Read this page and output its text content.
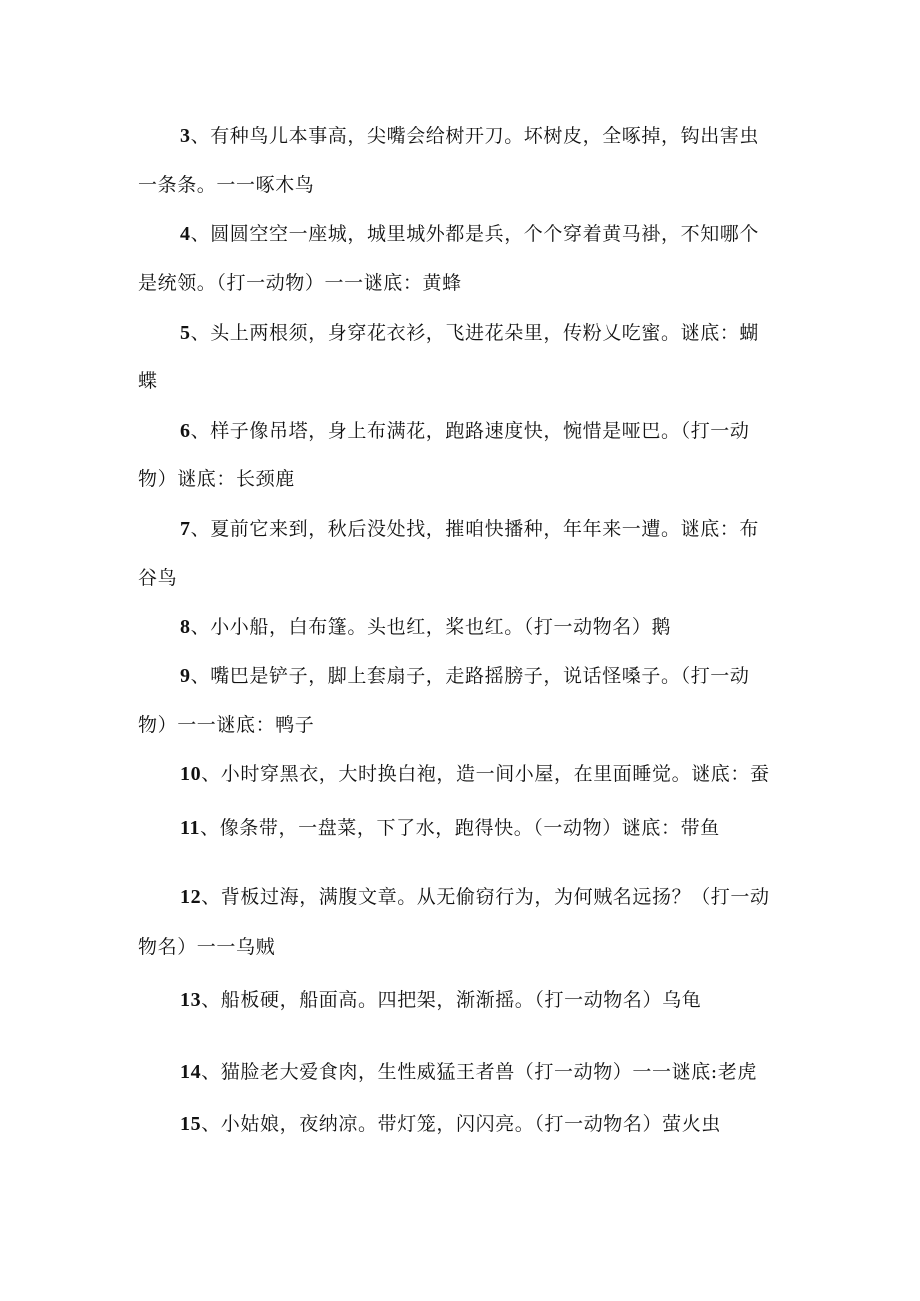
3、有种鸟儿本事高，尖嘴会给树开刀。坏树皮，全啄掉，钩出害虫
一条条。一一啄木鸟
4、圆圆空空一座城，城里城外都是兵，个个穿着黄马褂，不知哪个
是统领。（打一动物）一一谜底：黄蜂
5、头上两根须，身穿花衣衫，飞进花朵里，传粉乂吃蜜。谜底：蝴
蝶
6、样子像吊塔，身上布满花，跑路速度快，惋惜是哑巴。（打一动
物）谜底：长颈鹿
7、夏前它来到，秋后没处找，摧咱快播种，年年来一遭。谜底：布
谷鸟
8、小小船，白布篷。头也红，桨也红。（打一动物名）鹅
9、嘴巴是铲子，脚上套扇子，走路摇膀子，说话怪嗓子。（打一动
物）一一谜底：鸭子
10、小时穿黑衣，大时换白袍，造一间小屋，在里面睡觉。谜底：蚕
11、像条带，一盘菜，下了水，跑得快。（一动物）谜底：带鱼
12、背板过海，满腹文章。从无偷窃行为，为何贼名远扬？（打一动
物名）一一乌贼
13、船板硬，船面高。四把架，渐渐摇。（打一动物名）乌龟
14、猫脸老大爱食肉，生性威猛王者兽（打一动物）一一谜底:老虎
15、小姑娘，夜纳凉。带灯笼，闪闪亮。（打一动物名）萤火虫
